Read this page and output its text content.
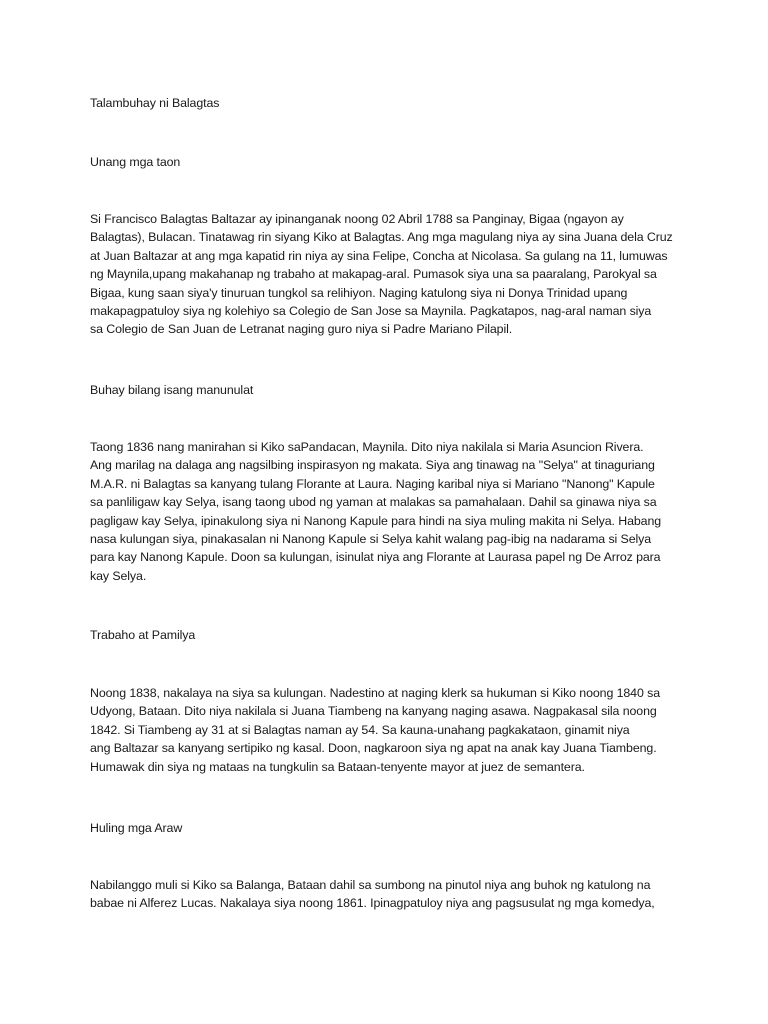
Talambuhay ni Balagtas
Unang mga taon
Si Francisco Balagtas Baltazar ay ipinanganak noong 02 Abril 1788 sa Panginay, Bigaa (ngayon ay
Balagtas), Bulacan. Tinatawag rin siyang Kiko at Balagtas. Ang mga magulang niya ay sina Juana dela Cruz
at Juan Baltazar at ang mga kapatid rin niya ay sina Felipe, Concha at Nicolasa. Sa gulang na 11, lumuwas
ng Maynila,upang makahanap ng trabaho at makapag-aral. Pumasok siya una sa paaralang, Parokyal sa
Bigaa, kung saan siya'y tinuruan tungkol sa relihiyon. Naging katulong siya ni Donya Trinidad upang
makapagpatuloy siya ng kolehiyo sa Colegio de San Jose sa Maynila. Pagkatapos, nag-aral naman siya
sa Colegio de San Juan de Letranat naging guro niya si Padre Mariano Pilapil.
Buhay bilang isang manunulat
Taong 1836 nang manirahan si Kiko saPandacan, Maynila. Dito niya nakilala si Maria Asuncion Rivera.
Ang marilag na dalaga ang nagsilbing inspirasyon ng makata. Siya ang tinawag na "Selya" at tinaguriang
M.A.R. ni Balagtas sa kanyang tulang Florante at Laura. Naging karibal niya si Mariano "Nanong" Kapule
sa panliligaw kay Selya, isang taong ubod ng yaman at malakas sa pamahalaan. Dahil sa ginawa niya sa
pagligaw kay Selya, ipinakulong siya ni Nanong Kapule para hindi na siya muling makita ni Selya. Habang
nasa kulungan siya, pinakasalan ni Nanong Kapule si Selya kahit walang pag-ibig na nadarama si Selya
para kay Nanong Kapule. Doon sa kulungan, isinulat niya ang Florante at Laurasa papel ng De Arroz para
kay Selya.
Trabaho at Pamilya
Noong 1838, nakalaya na siya sa kulungan. Nadestino at naging klerk sa hukuman si Kiko noong 1840 sa
Udyong, Bataan. Dito niya nakilala si Juana Tiambeng na kanyang naging asawa. Nagpakasal sila noong
1842. Si Tiambeng ay 31 at si Balagtas naman ay 54. Sa kauna-unahang pagkakataon, ginamit niya
ang Baltazar sa kanyang sertipiko ng kasal. Doon, nagkaroon siya ng apat na anak kay Juana Tiambeng.
Humawak din siya ng mataas na tungkulin sa Bataan-tenyente mayor at juez de semantera.
Huling mga Araw
Nabilanggo muli si Kiko sa Balanga, Bataan dahil sa sumbong na pinutol niya ang buhok ng katulong na
babae ni Alferez Lucas. Nakalaya siya noong 1861. Ipinagpatuloy niya ang pagsusulat ng mga komedya,
